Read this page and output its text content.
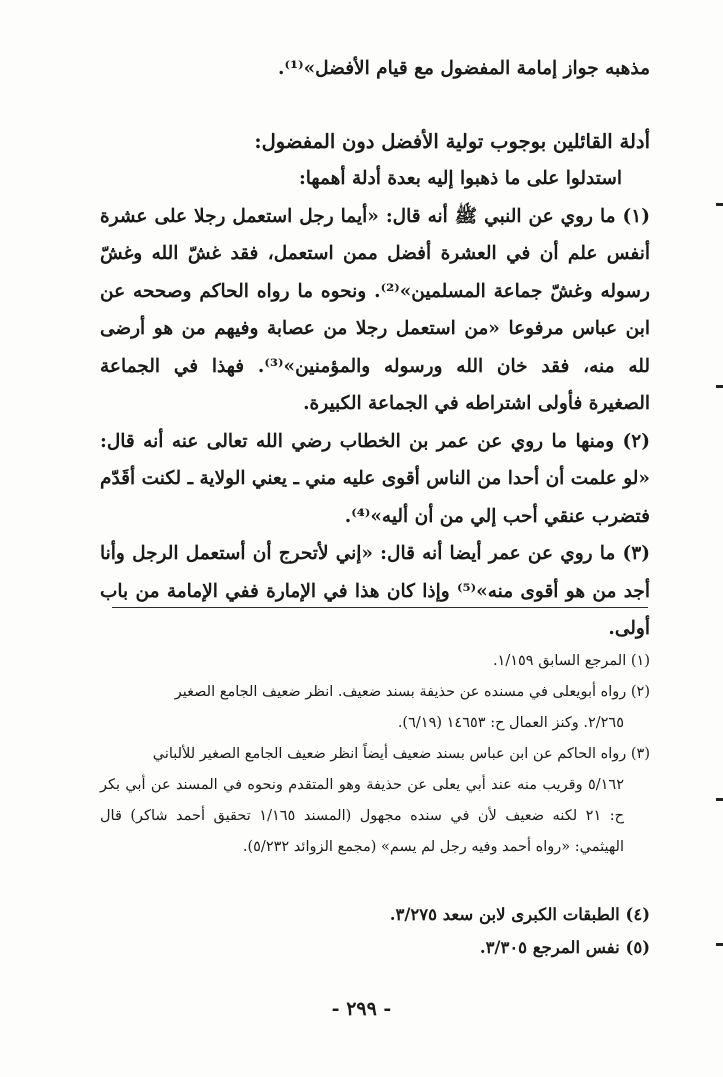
مذهبه جواز إمامة المفضول مع قيام الأفضل»⁽¹⁾.

أدلة القائلين بوجوب تولية الأفضل دون المفضول:

استدلوا على ما ذهبوا إليه بعدة أدلة أهمها:

(١) ما روي عن النبي ﷺ أنه قال: «أيما رجل استعمل رجلا على عشرة أنفس علم أن في العشرة أفضل ممن استعمل، فقد غشّ الله وغشّ رسوله وغشّ جماعة المسلمين»⁽²⁾. ونحوه ما رواه الحاكم وصححه عن ابن عباس مرفوعا «من استعمل رجلا من عصابة وفيهم من هو أرضى لله منه، فقد خان الله ورسوله والمؤمنين»⁽³⁾. فهذا في الجماعة الصغيرة فأولى اشتراطه في الجماعة الكبيرة.

(٢) ومنها ما روي عن عمر بن الخطاب رضي الله تعالى عنه أنه قال: «لو علمت أن أحدا من الناس أقوى عليه مني ـ يعني الولاية ـ لكنت أقَدّم فتضرب عنقي أحب إلي من أن أليه»⁽⁴⁾.

(٣) ما روي عن عمر أيضا أنه قال: «إني لأتحرج أن أستعمل الرجل وأنا أجد من هو أقوى منه»⁽⁵⁾ وإذا كان هذا في الإمارة ففي الإمامة من باب أولى.

(١) المرجع السابق ١/١٥٩.

(٢) رواه أبويعلى في مسنده عن حذيفة بسند ضعيف. انظر ضعيف الجامع الصغير

٢/٢٦٥. وكنز العمال ح: ١٤٦٥٣ (٦/١٩).

(٣) رواه الحاكم عن ابن عباس بسند ضعيف أيضاً انظر ضعيف الجامع الصغير للألباني

٥/١٦٢ وقريب منه عند أبي يعلى عن حذيفة وهو المتقدم ونحوه في المسند عن أبي بكر ح: ٢١ لكنه ضعيف لأن في سنده مجهول (المسند ١/١٦٥ تحقيق أحمد شاكر) قال الهيثمي: «رواه أحمد وفيه رجل لم يسم» (مجمع الزوائد ٥/٢٣٢).

(٤) الطبقات الكبرى لابن سعد ٣/٢٧٥.

(٥) نفس المرجع ٣/٣٠٥.

- ٢٩٩ -
